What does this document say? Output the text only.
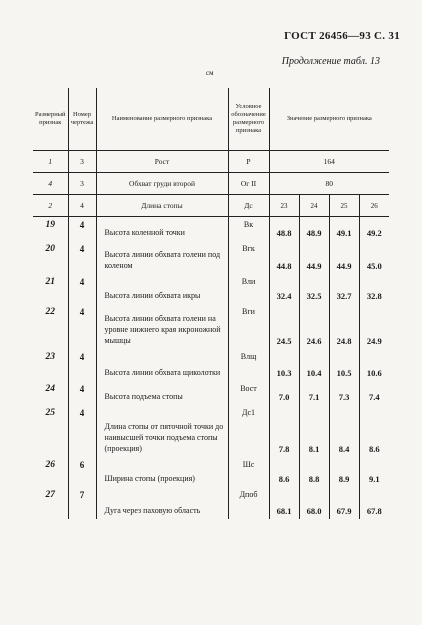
ГОСТ 26456—93 С. 31
Продолжение табл. 13
см
Размерный признак	Номер чертежа	Наименование размерного признака	Условное обозначение размерного признака	Значение размерного признака			
1	3	Рост	Р	164			
4	3	Обхват груди второй	Ог II	80			
2	4	Длина стопы	Дс	23	24	25	26
19	4	Высота коленной точки	Вк	48.8	48.9	49.1	49.2
20	4	Высота линии обхвата голени под коленом	Вгк	44.8	44.9	44.9	45.0
21	4	Высота линии обхвата икры	Вли	32.4	32.5	32.7	32.8
22	4	Высота линии обхвата голени на уровне нижнего края икроножной мышцы	Вги	24.5	24.6	24.8	24.9
23	4	Высота линии обхвата щиколотки	Влщ	10.3	10.4	10.5	10.6
24	4	Высота подъема стопы	Вост	7.0	7.1	7.3	7.4
25	4	Длина стопы от пяточной точки до наивысшей точки подъема стопы (проекция)	Дс1	7.8	8.1	8.4	8.6
26	6	Ширина стопы (проекция)	Шс	8.6	8.8	8.9	9.1
27	7	Дуга через паховую область	Дпоб	68.1	68.0	67.9	67.8
